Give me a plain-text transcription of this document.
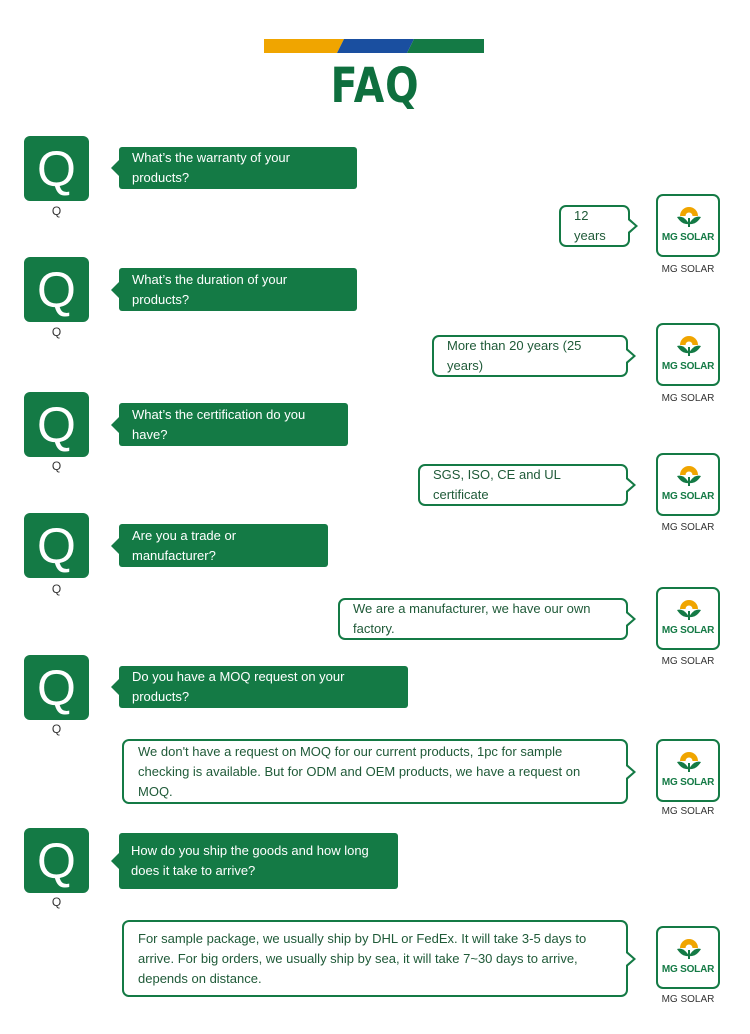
FAQ
Q
Q
What’s the warranty of your products?
12 years	MG SOLAR
MG SOLAR
Q
Q
What’s the duration of your products?
More than 20 years (25 years)	MG SOLAR
MG SOLAR
Q
Q
What’s the certification do you have?
SGS, ISO, CE and UL certificate	MG SOLAR
MG SOLAR
Q
Q
Are you a trade or manufacturer?
We are a manufacturer, we have our own factory.	MG SOLAR
MG SOLAR
Q
Q
Do you have a MOQ request on your products?
We don't have a request on MOQ for our current products, 1pc for sample checking is available. But for ODM and OEM products, we have a request on MOQ.
MG SOLAR
MG SOLAR
Q
Q
How do you ship the goods and how long does it take to arrive?
For sample package, we usually ship by DHL or FedEx. It will take 3-5 days to arrive. For big orders, we usually ship by sea, it will take 7~30 days to arrive, depends on distance.
MG SOLAR
MG SOLAR
